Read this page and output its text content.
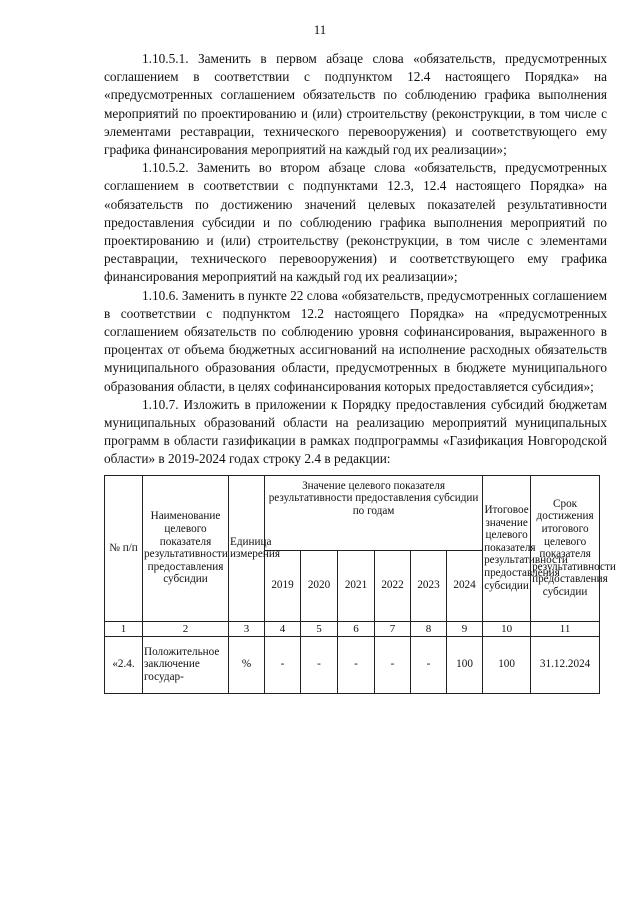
11

1.10.5.1. Заменить в первом абзаце слова «обязательств, предусмотренных соглашением в соответствии с подпунктом 12.4 настоящего Порядка» на «предусмотренных соглашением обязательств по соблюдению графика выполнения мероприятий по проектированию и (или) строительству (реконструкции, в том числе с элементами реставрации, технического перевооружения) и соответствующего ему графика финансирования мероприятий на каждый год их реализации»;

1.10.5.2. Заменить во втором абзаце слова «обязательств, предусмотренных соглашением в соответствии с подпунктами 12.3, 12.4 настоящего Порядка» на «обязательств по достижению значений целевых показателей результативности предоставления субсидии и по соблюдению графика выполнения мероприятий по проектированию и (или) строительству (реконструкции, в том числе с элементами реставрации, технического перевооружения) и соответствующего ему графика финансирования мероприятий на каждый год их реализации»;

1.10.6. Заменить в пункте 22 слова «обязательств, предусмотренных соглашением в соответствии с подпунктом 12.2 настоящего Порядка» на «предусмотренных соглашением обязательств по соблюдению уровня софинансирования, выраженного в процентах от объема бюджетных ассигнований на исполнение расходных обязательств муниципального образования области, предусмотренных в бюджете муниципального образования области, в целях софинансирования которых предоставляется субсидия»;

1.10.7. Изложить в приложении к Порядку предоставления субсидий бюджетам муниципальных образований области на реализацию мероприятий муниципальных программ в области газификации в рамках подпрограммы «Газификация Новгородской области» в 2019-2024 годах строку 2.4 в редакции:

№ п/п	Наименование целевого показателя результативности предоставления субсидии	Единица измерения	Значение целевого показателя результативности предоставления субсидии по годам						Итоговое значение целевого показателя результативности предоставления субсидии	Срок достижения итогового целевого показателя результативности предоставления субсидии
			2019	2020	2021	2022	2023	2024		
1	2	3	4	5	6	7	8	9	10	11
«2.4.	Положительное заключение государ-	%	-	-	-	-	-	100	100	31.12.2024
